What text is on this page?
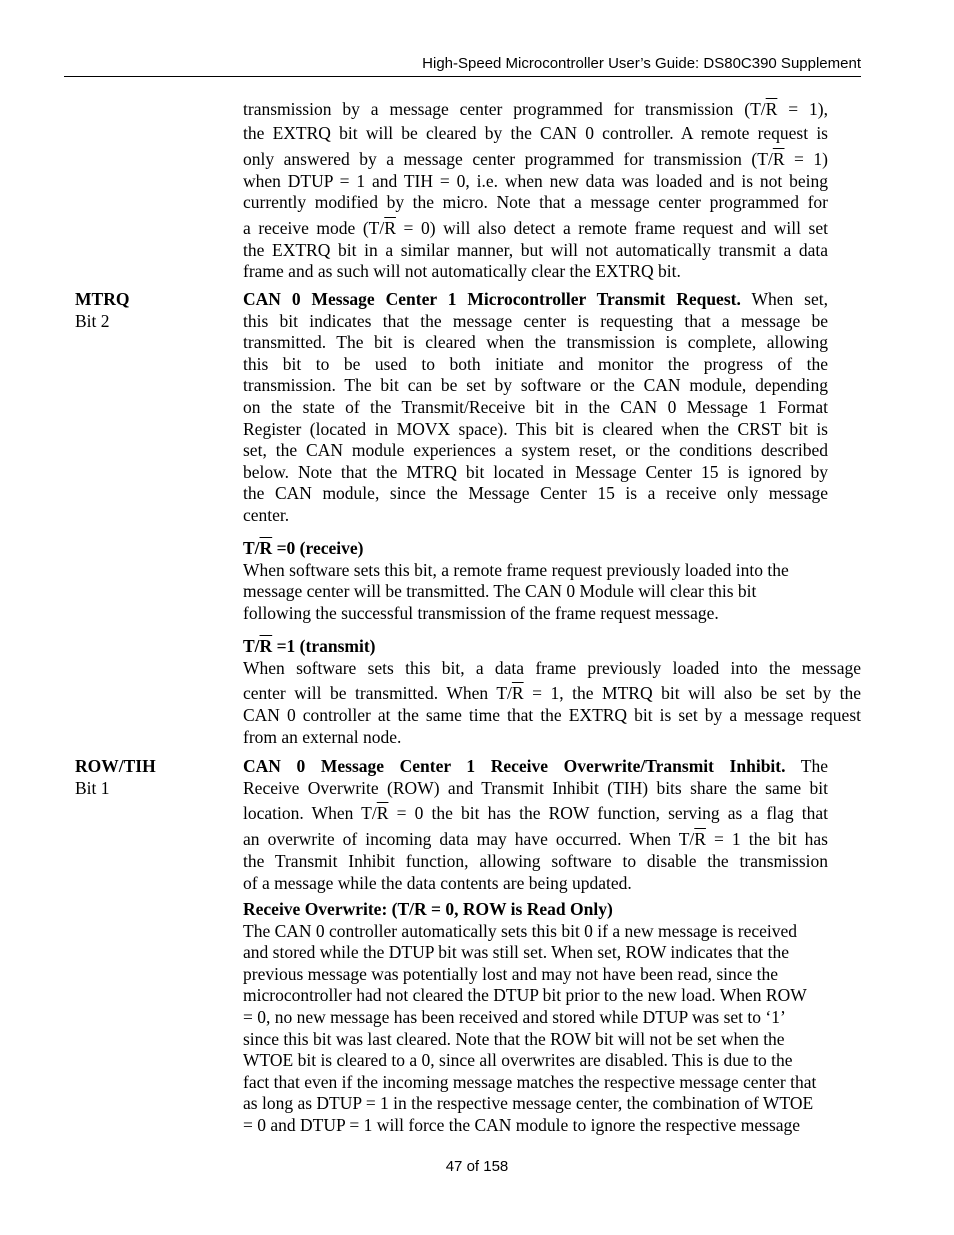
High-Speed Microcontroller User’s Guide: DS80C390 Supplement
transmission by a message center programmed for transmission $(T/\overline{R} = 1)$,
the EXTRQ bit will be cleared by the CAN 0 controller. A remote request is
only answered by a message center programmed for transmission $(T/\overline{R} = 1)$
when DTUP = 1 and TIH = 0, i.e. when new data was loaded and is not being
currently modified by the micro. Note that a message center programmed for
a receive mode $(T/\overline{R} = 0)$ will also detect a remote frame request and will set
the EXTRQ bit in a similar manner, but will not automatically transmit a data
frame and as such will not automatically clear the EXTRQ bit.
MTRQ
Bit 2
CAN 0 Message Center 1 Microcontroller Transmit Request. When set,
this bit indicates that the message center is requesting that a message be
transmitted. The bit is cleared when the transmission is complete, allowing
this bit to be used to both initiate and monitor the progress of the
transmission. The bit can be set by software or the CAN module, depending
on the state of the Transmit/Receive bit in the CAN 0 Message 1 Format
Register (located in MOVX space). This bit is cleared when the CRST bit is
set, the CAN module experiences a system reset, or the conditions described
below. Note that the MTRQ bit located in Message Center 15 is ignored by
the CAN module, since the Message Center 15 is a receive only message
center.
$T/\overline{R} =0$ (receive)
When software sets this bit, a remote frame request previously loaded into the
message center will be transmitted. The CAN 0 Module will clear this bit
following the successful transmission of the frame request message.
$T/\overline{R} =1$ (transmit)
When software sets this bit, a data frame previously loaded into the message
center will be transmitted. When $T/\overline{R} = 1$, the MTRQ bit will also be set by the
CAN 0 controller at the same time that the EXTRQ bit is set by a message request
from an external node.
ROW/TIH
Bit 1
CAN 0 Message Center 1 Receive Overwrite/Transmit Inhibit. The
Receive Overwrite (ROW) and Transmit Inhibit (TIH) bits share the same bit
location. When $T/\overline{R} = 0$ the bit has the ROW function, serving as a flag that
an overwrite of incoming data may have occurred. When $T/\overline{R} = 1$ the bit has
the Transmit Inhibit function, allowing software to disable the transmission
of a message while the data contents are being updated.
Receive Overwrite: (T/R = 0, ROW is Read Only)
The CAN 0 controller automatically sets this bit 0 if a new message is received
and stored while the DTUP bit was still set. When set, ROW indicates that the
previous message was potentially lost and may not have been read, since the
microcontroller had not cleared the DTUP bit prior to the new load. When ROW
= 0, no new message has been received and stored while DTUP was set to ‘1’
since this bit was last cleared. Note that the ROW bit will not be set when the
WTOE bit is cleared to a 0, since all overwrites are disabled. This is due to the
fact that even if the incoming message matches the respective message center that
as long as DTUP = 1 in the respective message center, the combination of WTOE
= 0 and DTUP = 1 will force the CAN module to ignore the respective message
47 of 158
